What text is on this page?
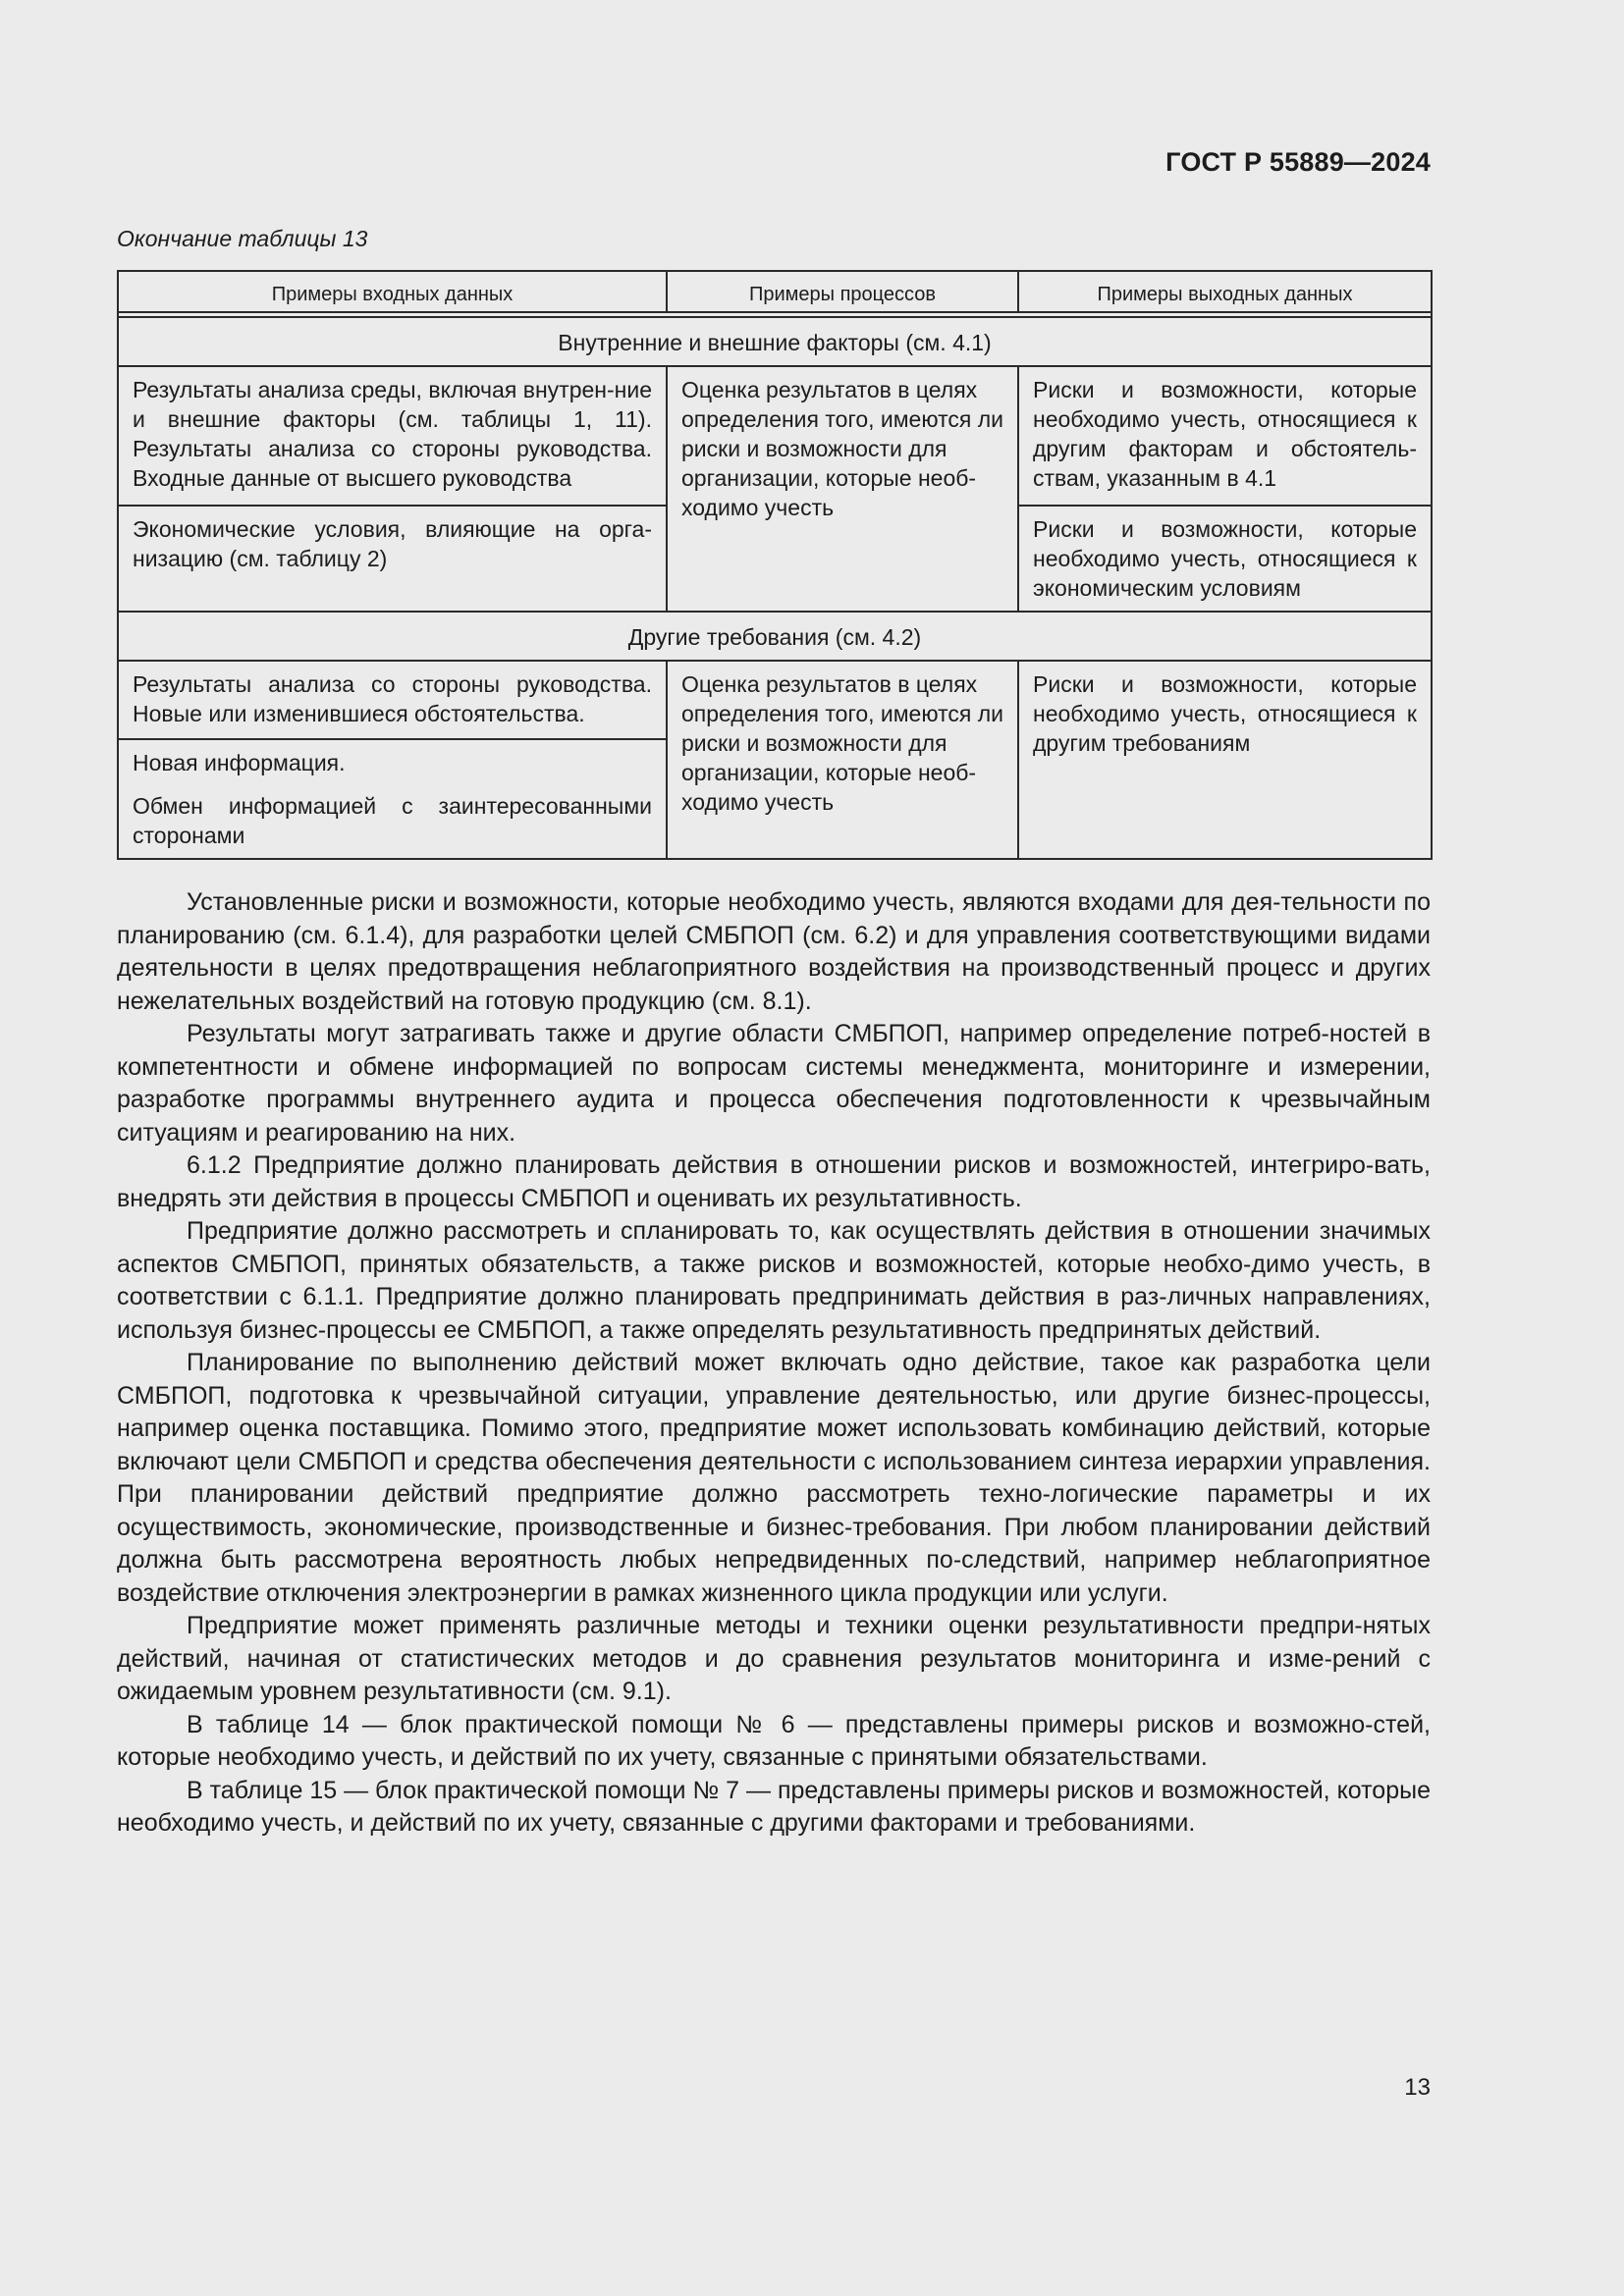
ГОСТ Р 55889—2024
Окончание таблицы 13
Примеры входных данных	Примеры процессов	Примеры выходных данных

Внутренние и внешние факторы (см. 4.1)		
Результаты анализа среды, включая внутрен-ние и внешние факторы (см. таблицы 1, 11). Результаты анализа со стороны руководства. Входные данные от высшего руководства	Оценка результатов в целях определения того, имеются ли риски и возможности для организации, которые необ-ходимо учесть	Риски и возможности, которые необходимо учесть, относящиеся к другим факторам и обстоятель-ствам, указанным в 4.1
Экономические условия, влияющие на орга-низацию (см. таблицу 2)		Риски и возможности, которые необходимо учесть, относящиеся к экономическим условиям
Другие требования (см. 4.2)		
Результаты анализа со стороны руководства. Новые или изменившиеся обстоятельства.	Оценка результатов в целях определения того, имеются ли риски и возможности для организации, которые необ-ходимо учесть	Риски и возможности, которые необходимо учесть, относящиеся к другим требованиям

Новая информация.
Обмен информацией с заинтересованными сторонами		

Установленные риски и возможности, которые необходимо учесть, являются входами для дея-тельности по планированию (см. 6.1.4), для разработки целей СМБПОП (см. 6.2) и для управления соответствующими видами деятельности в целях предотвращения неблагоприятного воздействия на производственный процесс и других нежелательных воздействий на готовую продукцию (см. 8.1).

Результаты могут затрагивать также и другие области СМБПОП, например определение потреб-ностей в компетентности и обмене информацией по вопросам системы менеджмента, мониторинге и измерении, разработке программы внутреннего аудита и процесса обеспечения подготовленности к чрезвычайным ситуациям и реагированию на них.

6.1.2 Предприятие должно планировать действия в отношении рисков и возможностей, интегриро-вать, внедрять эти действия в процессы СМБПОП и оценивать их результативность.

Предприятие должно рассмотреть и спланировать то, как осуществлять действия в отношении значимых аспектов СМБПОП, принятых обязательств, а также рисков и возможностей, которые необхо-димо учесть, в соответствии с 6.1.1. Предприятие должно планировать предпринимать действия в раз-личных направлениях, используя бизнес-процессы ее СМБПОП, а также определять результативность предпринятых действий.

Планирование по выполнению действий может включать одно действие, такое как разработка цели СМБПОП, подготовка к чрезвычайной ситуации, управление деятельностью, или другие бизнес-процессы, например оценка поставщика. Помимо этого, предприятие может использовать комбинацию действий, которые включают цели СМБПОП и средства обеспечения деятельности с использованием синтеза иерархии управления. При планировании действий предприятие должно рассмотреть техно-логические параметры и их осуществимость, экономические, производственные и бизнес-требования. При любом планировании действий должна быть рассмотрена вероятность любых непредвиденных по-следствий, например неблагоприятное воздействие отключения электроэнергии в рамках жизненного цикла продукции или услуги.

Предприятие может применять различные методы и техники оценки результативности предпри-нятых действий, начиная от статистических методов и до сравнения результатов мониторинга и изме-рений с ожидаемым уровнем результативности (см. 9.1).

В таблице 14 — блок практической помощи № 6 — представлены примеры рисков и возможно-стей, которые необходимо учесть, и действий по их учету, связанные с принятыми обязательствами.

В таблице 15 — блок практической помощи № 7 — представлены примеры рисков и возможностей, которые необходимо учесть, и действий по их учету, связанные с другими факторами и требованиями.

13
